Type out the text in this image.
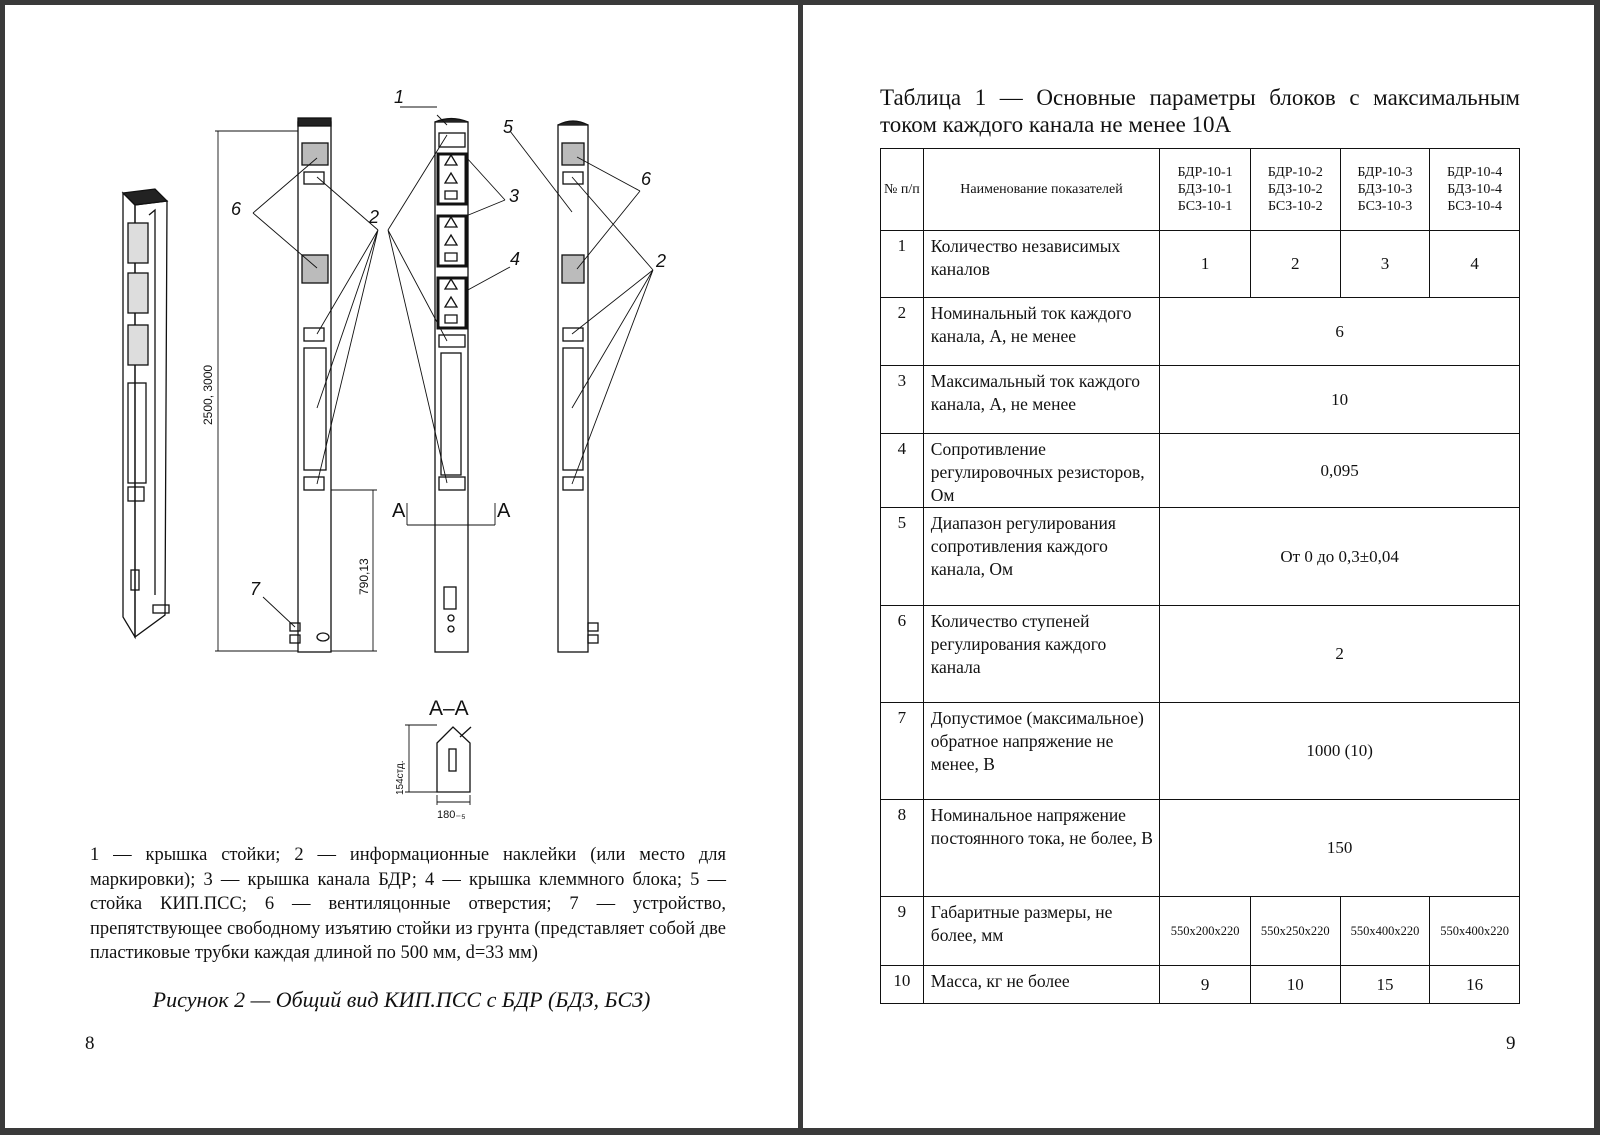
1
2
2
3
4
5
6
6
7
2500, 3000
790,13
154стд.
180₋₅
А	А
А–А
1 — крышка стойки; 2 — информационные наклейки (или место для маркировки); 3 — крышка канала БДР; 4 — крышка клеммного блока; 5 — стойка КИП.ПСС; 6 — вентиляцонные отверстия; 7 — устройство, препятствующее свободному изъятию стойки из грунта (представляет собой две пластиковые трубки каждая длиной по 500 мм, d=33 мм)
Рисунок 2 — Общий вид КИП.ПСС с БДР (БДЗ, БСЗ)
8
Таблица 1 — Основные параметры блоков с максимальным током каждого канала не менее 10А
№ п/п	Наименование показателей	БДР-10-1 БДЗ-10-1 БСЗ-10-1	БДР-10-2 БДЗ-10-2 БСЗ-10-2	БДР-10-3 БДЗ-10-3 БСЗ-10-3	БДР-10-4 БДЗ-10-4 БСЗ-10-4
1	Количество независимых каналов	1	2	3	4
2	Номинальный ток каждого канала, А, не менее	6			
3	Максимальный ток каждого канала, А, не менее	10			
4	Сопротивление регулировочных резисторов, Ом	0,095			
5	Диапазон регулирования сопротивления каждого канала, Ом	От 0 до 0,3±0,04			
6	Количество ступеней регулирования каждого канала	2			
7	Допустимое (максимальное) обратное напряжение не менее, В	1000 (10)			
8	Номинальное напряжение постоянного тока, не более, В	150			
9	Габаритные размеры, не более, мм	550x200x220	550x250x220	550x400x220	550x400x220
10	Масса, кг не более	9	10	15	16
9
